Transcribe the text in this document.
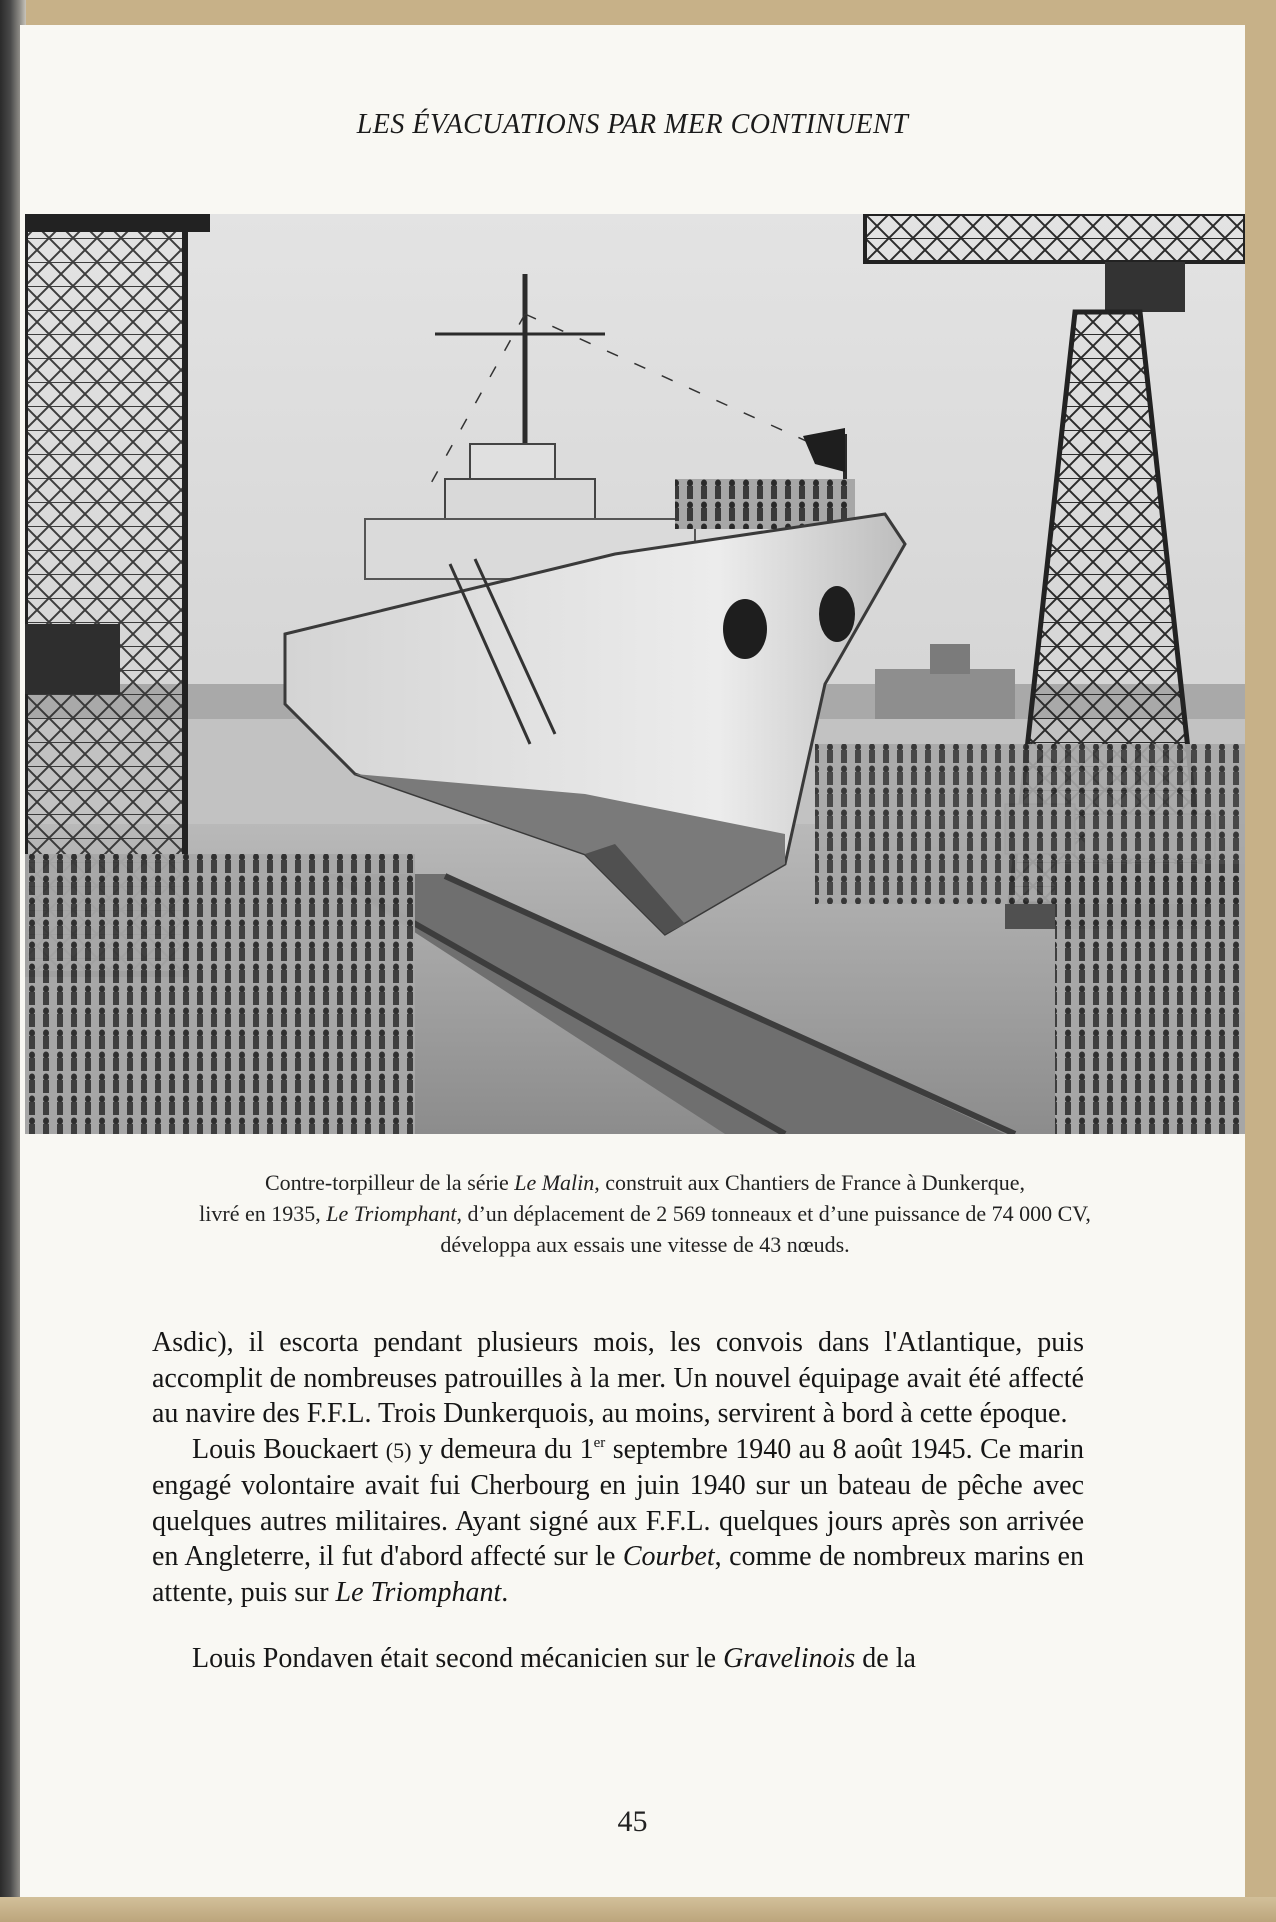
LES ÉVACUATIONS PAR MER CONTINUENT

Contre-torpilleur de la série Le Malin, construit aux Chantiers de France à Dunkerque,

livré en 1935, Le Triomphant, d’un déplacement de 2 569 tonneaux et d’une puissance de 74 000 CV,

développa aux essais une vitesse de 43 nœuds.

Asdic), il escorta pendant plusieurs mois, les convois dans l'Atlantique, puis accomplit de nombreuses patrouilles à la mer. Un nouvel équipage avait été affecté au navire des F.F.L. Trois Dunkerquois, au moins, servirent à bord à cette époque.

Louis Bouckaert (5) y demeura du 1er septembre 1940 au 8 août 1945. Ce marin engagé volontaire avait fui Cherbourg en juin 1940 sur un bateau de pêche avec quelques autres militaires. Ayant signé aux F.F.L. quelques jours après son arrivée en Angleterre, il fut d'abord affecté sur le Courbet, comme de nombreux marins en attente, puis sur Le Triomphant.

Louis Pondaven était second mécanicien sur le Gravelinois de la

45
